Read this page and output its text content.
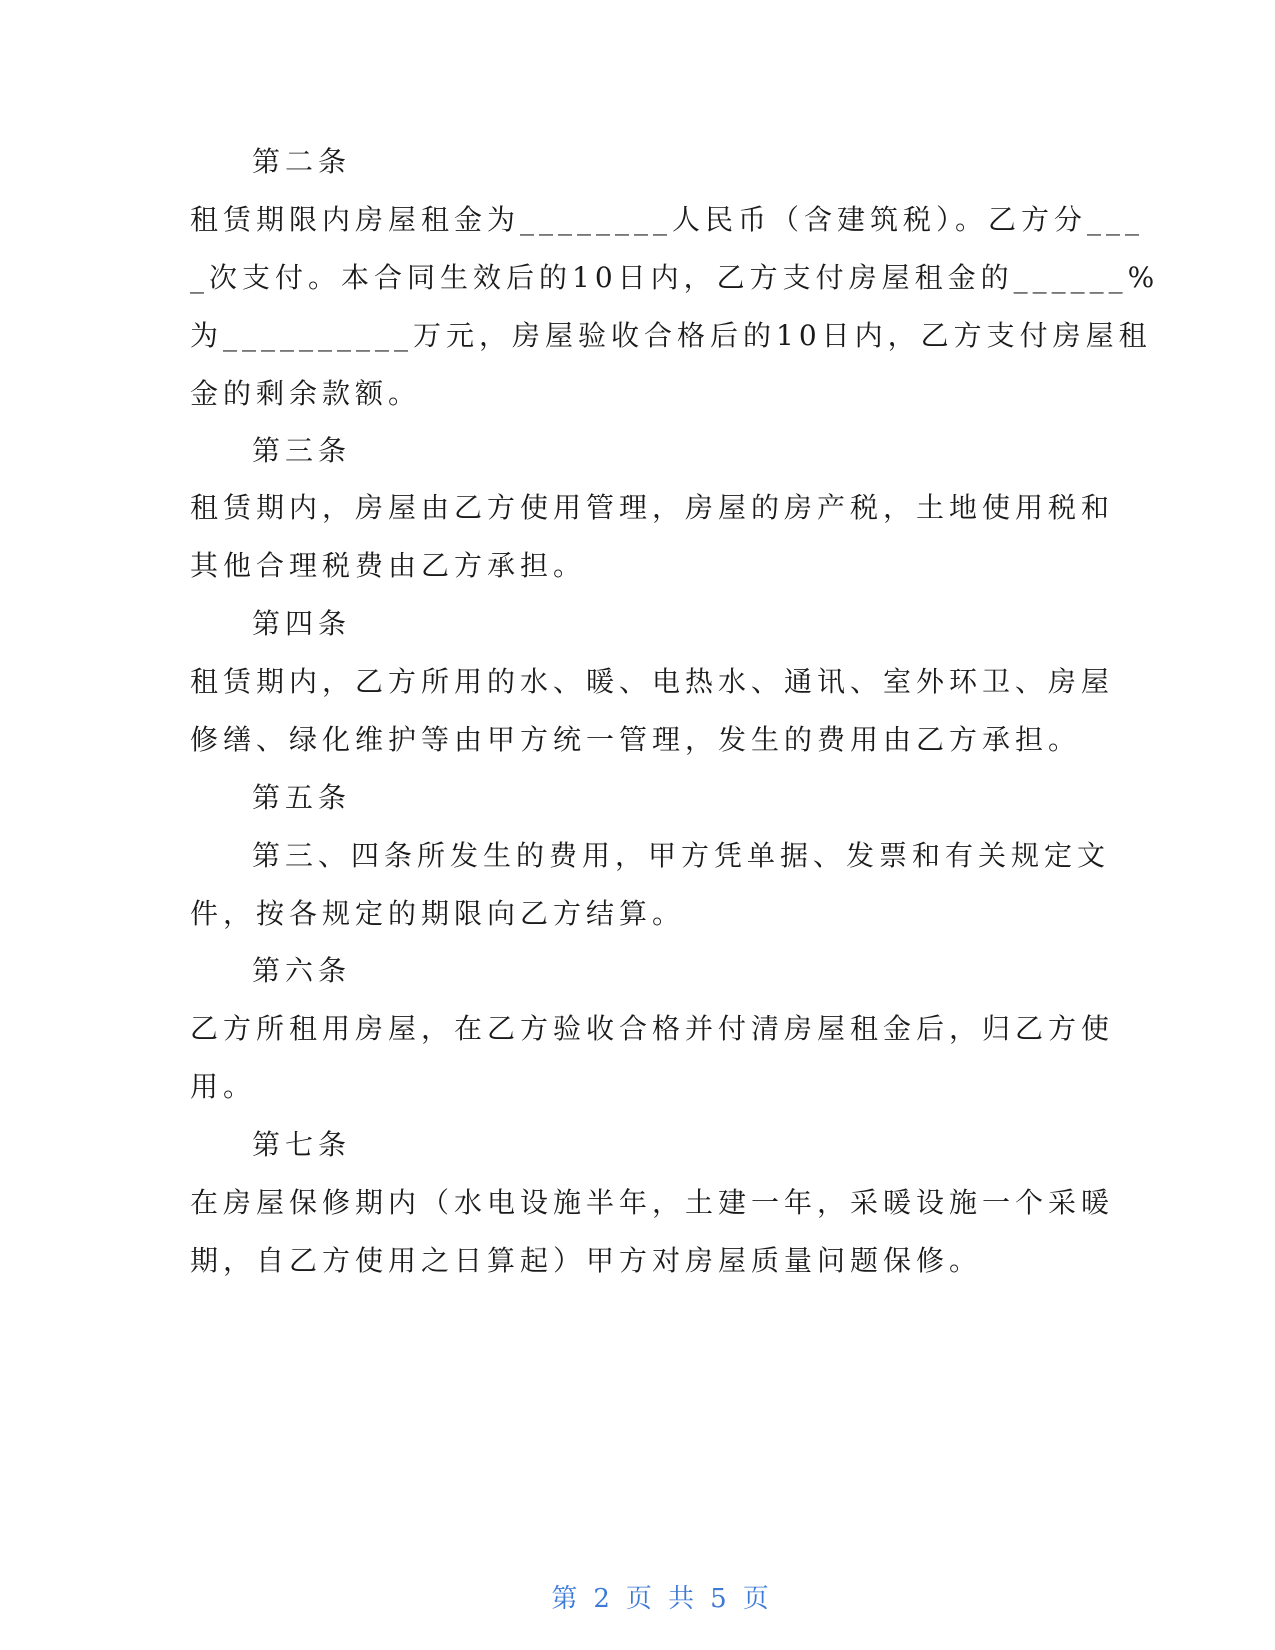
第二条
租赁期限内房屋租金为________人民币（含建筑税）。乙方分___
_次支付。本合同生效后的10日内，乙方支付房屋租金的______%
为__________万元，房屋验收合格后的10日内，乙方支付房屋租
金的剩余款额。
第三条
租赁期内，房屋由乙方使用管理，房屋的房产税，土地使用税和
其他合理税费由乙方承担。
第四条
租赁期内，乙方所用的水、暖、电热水、通讯、室外环卫、房屋
修缮、绿化维护等由甲方统一管理，发生的费用由乙方承担。
第五条
第三、四条所发生的费用，甲方凭单据、发票和有关规定文
件，按各规定的期限向乙方结算。
第六条
乙方所租用房屋，在乙方验收合格并付清房屋租金后，归乙方使
用。
第七条
在房屋保修期内（水电设施半年，土建一年，采暖设施一个采暖
期，自乙方使用之日算起）甲方对房屋质量问题保修。

第 2 页 共 5 页
